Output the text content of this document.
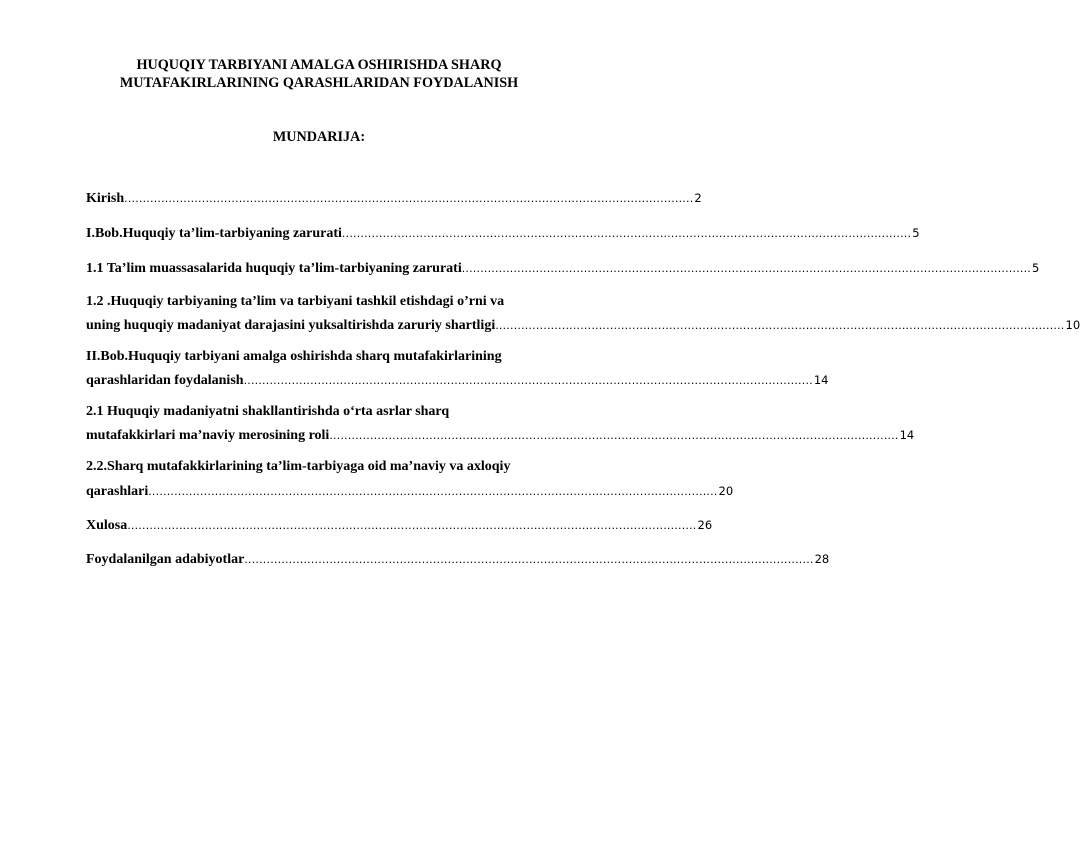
HUQUQIY TARBIYANI AMALGA OSHIRISHDA SHARQ
MUTAFAKIRLARINING QARASHLARIDAN FOYDALANISH
MUNDARIJA:
Kirish .......................................................................................................................................................... 2
I.Bob.Huquqiy ta’lim-tarbiyaning zarurati .......................................................................................................................................................... 5
1.1 Ta’lim muassasalarida huquqiy ta’lim-tarbiyaning zarurati .......................................................................................................................................................... 5
1.2 .Huquqiy tarbiyaning ta’lim va tarbiyani tashkil etishdagi o’rni va
uning huquqiy madaniyat darajasini yuksaltirishda zaruriy shartligi .......................................................................................................................................................... 10
II.Bob.Huquqiy tarbiyani amalga oshirishda sharq mutafakirlarining
qarashlaridan foydalanish .......................................................................................................................................................... 14
2.1 Huquqiy madaniyatni shakllantirishda o‘rta asrlar sharq
mutafakkirlari ma’naviy merosining roli .......................................................................................................................................................... 14
2.2.Sharq mutafakkirlarining ta’lim-tarbiyaga oid ma’naviy va axloqiy
qarashlari .......................................................................................................................................................... 20
Xulosa .......................................................................................................................................................... 26
Foydalanilgan adabiyotlar .......................................................................................................................................................... 28
